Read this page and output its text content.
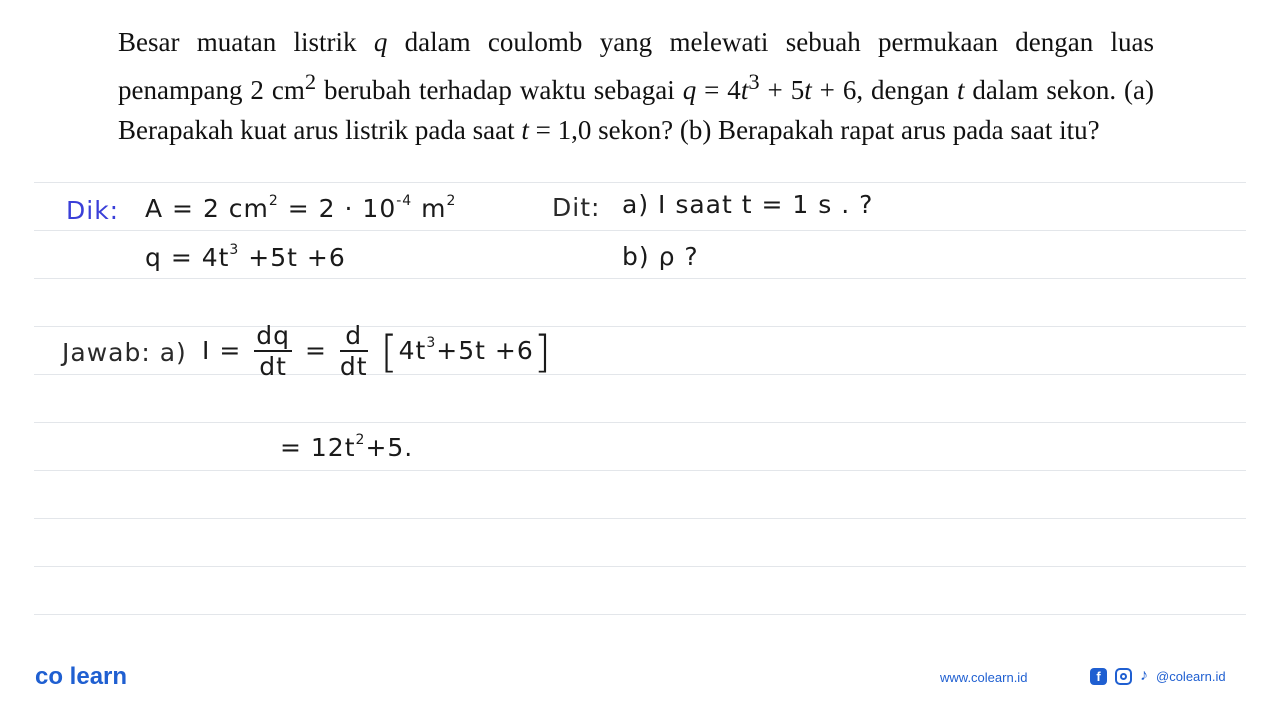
Besar muatan listrik q dalam coulomb yang melewati sebuah permukaan dengan luas penampang 2 $cm^2$ berubah terhadap waktu sebagai $q = 4t^3 + 5t + 6$, dengan t dalam sekon. (a) Berapakah kuat arus listrik pada saat t = 1,0 sekon? (b) Berapakah rapat arus pada saat itu?
Dik: A = 2 $cm^2 = 2 \cdot 10^{-4}$ $m^2$
$q = 4t^3 +5t +6$
Dit: a) I saat t = 1 s . ?
b) ρ ?
Jawab: a) $I = \frac{dq}{dt} = \frac{d}{dt} [4t^3+5t +6]$
= $12t^2+5$.
co learn	www.colearn.id	f	♪ @colearn.id
